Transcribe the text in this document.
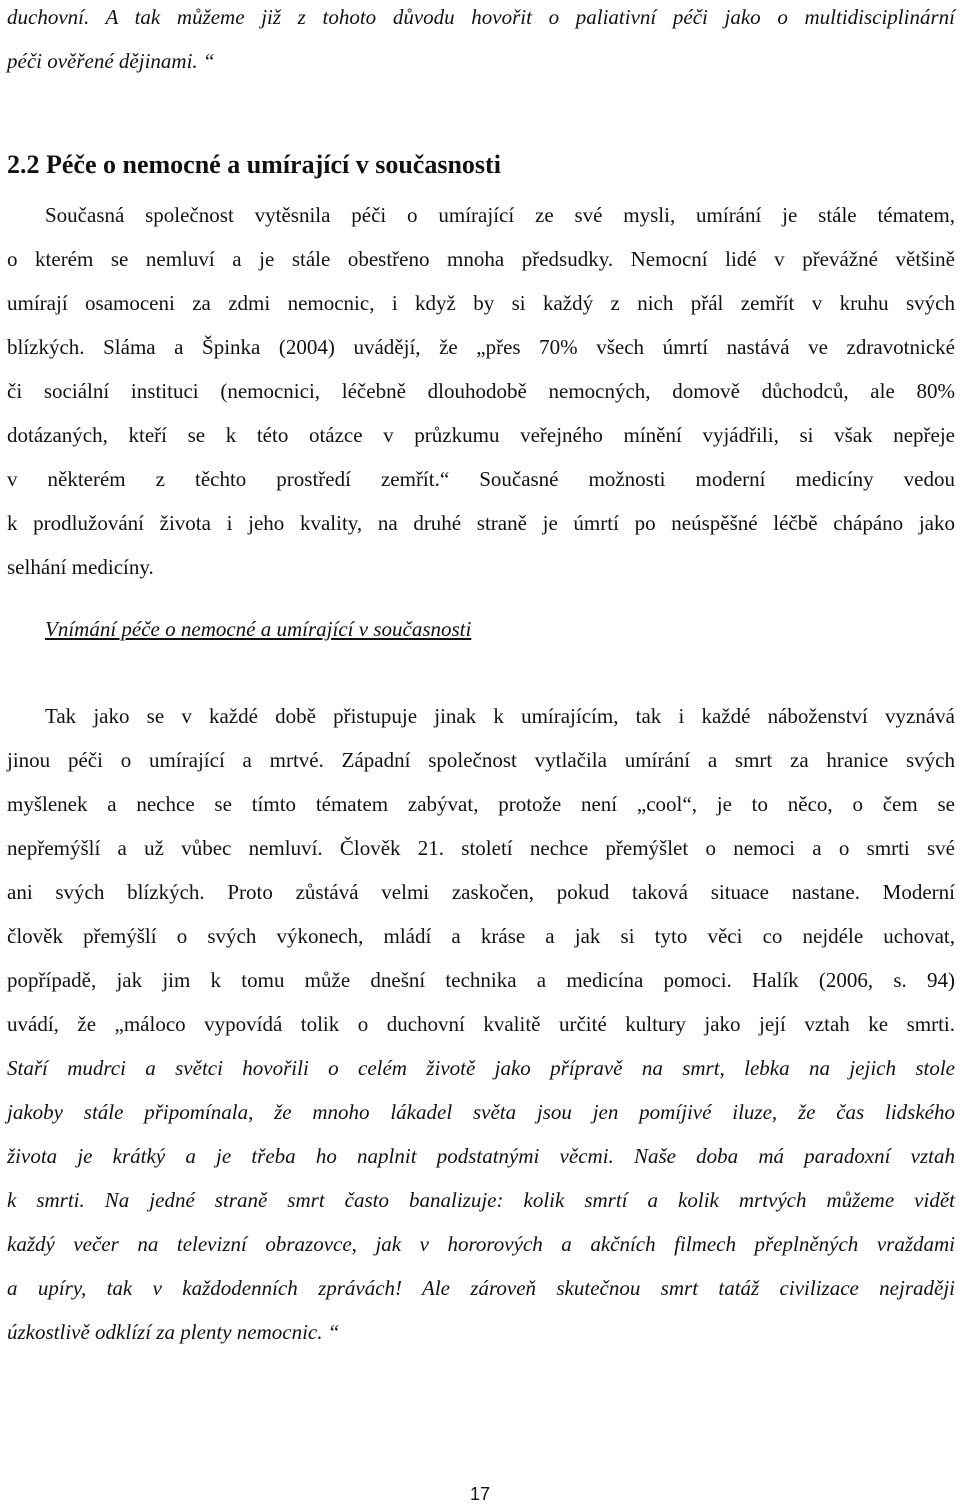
duchovní. A tak můžeme již z tohoto důvodu hovořit o paliativní péči jako o multidisciplinární
péči ověřené dějinami. “
2.2 Péče o nemocné a umírající v současnosti
Současná společnost vytěsnila péči o umírající ze své mysli, umírání je stále tématem,
o kterém se nemluví a je stále obestřeno mnoha předsudky. Nemocní lidé v převážné většině
umírají osamoceni za zdmi nemocnic, i když by si každý z nich přál zemřít v kruhu svých
blízkých. Sláma a Špinka (2004) uvádějí, že „přes 70% všech úmrtí nastává ve zdravotnické
či sociální instituci (nemocnici, léčebně dlouhodobě nemocných, domově důchodců, ale 80%
dotázaných, kteří se k této otázce v průzkumu veřejného mínění vyjádřili, si však nepřeje
v některém z těchto prostředí zemřít.“ Současné možnosti moderní medicíny vedou
k prodlužování života i jeho kvality, na druhé straně je úmrtí po neúspěšné léčbě chápáno jako
selhání medicíny.
Vnímání péče o nemocné a umírající v současnosti
Tak jako se v každé době přistupuje jinak k umírajícím, tak i každé náboženství vyznává
jinou péči o umírající a mrtvé. Západní společnost vytlačila umírání a smrt za hranice svých
myšlenek a nechce se tímto tématem zabývat, protože není „cool“, je to něco, o čem se
nepřemýšlí a už vůbec nemluví. Člověk 21. století nechce přemýšlet o nemoci a o smrti své
ani svých blízkých. Proto zůstává velmi zaskočen, pokud taková situace nastane. Moderní
člověk přemýšlí o svých výkonech, mládí a kráse a jak si tyto věci co nejdéle uchovat,
popřípadě, jak jim k tomu může dnešní technika a medicína pomoci. Halík (2006, s. 94)
uvádí, že „máloco vypovídá tolik o duchovní kvalitě určité kultury jako její vztah ke smrti.
Staří mudrci a světci hovořili o celém životě jako přípravě na smrt, lebka na jejich stole
jakoby stále připomínala, že mnoho lákadel světa jsou jen pomíjivé iluze, že čas lidského
života je krátký a je třeba ho naplnit podstatnými věcmi. Naše doba má paradoxní vztah
k smrti. Na jedné straně smrt často banalizuje: kolik smrtí a kolik mrtvých můžeme vidět
každý večer na televizní obrazovce, jak v hororových a akčních filmech přeplněných vraždami
a upíry, tak v každodenních zprávách! Ale zároveň skutečnou smrt tatáž civilizace nejraději
úzkostlivě odklízí za plenty nemocnic. “
17
